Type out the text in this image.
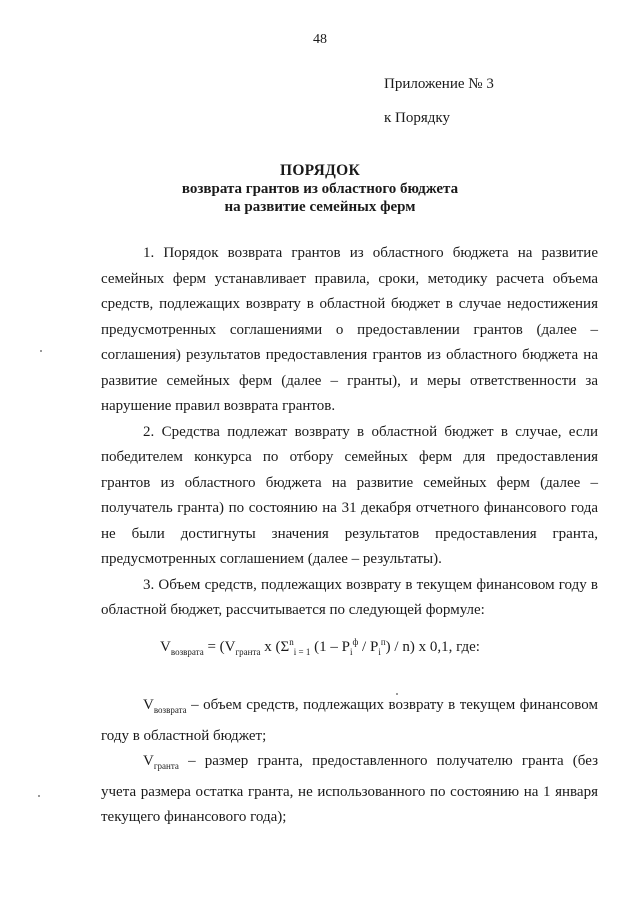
48
Приложение № 3
к Порядку
ПОРЯДОК
возврата грантов из областного бюджета
на развитие семейных ферм

1. Порядок возврата грантов из областного бюджета на развитие семейных ферм устанавливает правила, сроки, методику расчета объема средств, подлежащих возврату в областной бюджет в случае недостижения предусмотренных соглашениями о предоставлении грантов (далее – соглашения) результатов предоставления грантов из областного бюджета на развитие семейных ферм (далее – гранты), и меры ответственности за нарушение правил возврата грантов.

2. Средства подлежат возврату в областной бюджет в случае, если победителем конкурса по отбору семейных ферм для предоставления грантов из областного бюджета на развитие семейных ферм (далее – получатель гранта) по состоянию на 31 декабря отчетного финансового года не были достигнуты значения результатов предоставления гранта, предусмотренных соглашением (далее – результаты).

3. Объем средств, подлежащих возврату в текущем финансовом году в областной бюджет, рассчитывается по следующей формуле:

$V_{возврата} = (V_{гранта}$ x ($\Sigma^n_{i = 1}$ $(1 - P_i^ф / P_i^п) / n$) x 0,1, где:

$V_{возврата}$ – объем средств, подлежащих возврату в текущем финансовом году в областной бюджет;

$V_{гранта}$ – размер гранта, предоставленного получателю гранта (без учета размера остатка гранта, не использованного по состоянию на 1 января текущего финансового года);
